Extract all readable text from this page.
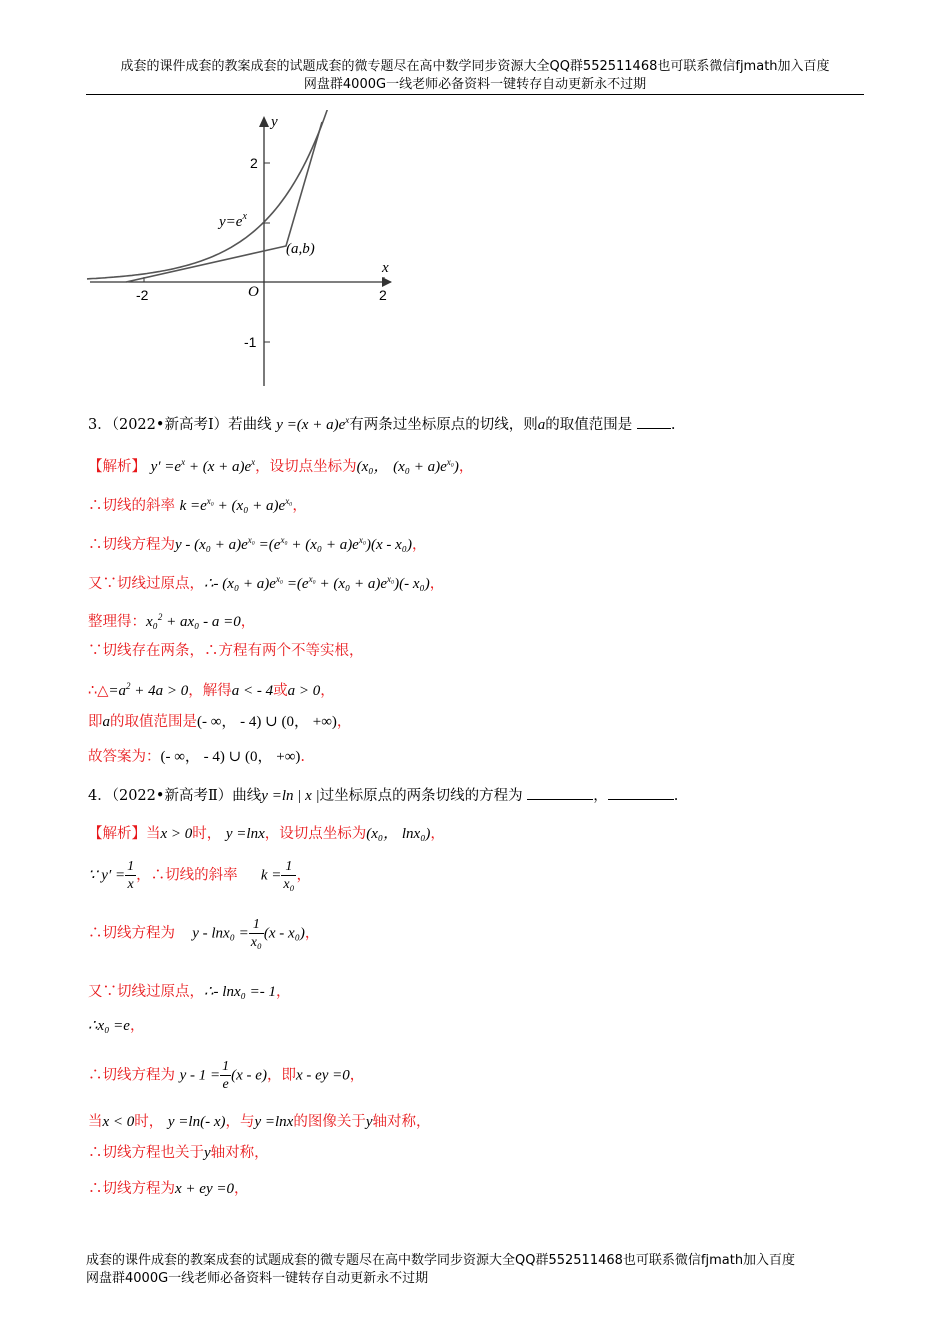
成套的课件成套的教案成套的试题成套的微专题尽在高中数学同步资源大全QQ群552511468也可联系微信fjmath加入百度
网盘群4000G一线老师必备资料一键转存自动更新永不过期
y
x
O
-2	2
2
-1
$y=e^x$
(a,b)
3．（2022•新高考Ⅰ）若曲线 $y =(x + a)e^x$有两条过坐标原点的切线，则a的取值范围是	.
【解析】 $y' =e^x + (x + a)e^x$，设切点坐标为(x₀， $(x_0 + a)e^{x_0}$)，
∴切线的斜率 $k =e^{x_0} + (x_0 + a)e^{x_0}$，
∴切线方程为$y - (x_0 + a)e^{x_0} =(e^{x_0} + (x_0 + a)e^{x_0})(x - x_0)$，
又∵切线过原点，∴- $(x_0 + a)e^{x_0} =(e^{x_0} + (x_0 + a)e^{x_0})(-$ x₀)，
整理得：x₀$^2$ + ax₀ - a =0，
∵切线存在两条，∴方程有两个不等实根，
$\therefore\triangle=a^2 + 4a > 0$，解得a < - 4或a > 0，
即a的取值范围是(- ∞， - 4) ∪ (0， +∞)，
故答案为：(- ∞， - 4) ∪ (0， +∞).
4．（2022•新高考Ⅱ）曲线y =ln | x |过坐标原点的两条切线的方程为	，	.
【解析】当x > 0时， y =lnx，设切点坐标为(x₀， lnx₀)，
∵ $y' = \frac{1}{x}$ ，∴切线的斜率 $k = \frac{1}{\text{x₀}}$ ，
∴切线方程为 $y - \ln x_0 = \frac{1}{\text{x₀}} (x - x_0)$，
又∵切线过原点，∴- lnx₀ =- 1，
∴x₀ =e，
∴切线方程为 $y - 1 = \frac{1}{e} (x - e)$，即x - ey =0，
当x < 0时， y =ln(- x)，与y =lnx的图像关于y轴对称，
∴切线方程也关于y轴对称，
∴切线方程为x + ey =0，
成套的课件成套的教案成套的试题成套的微专题尽在高中数学同步资源大全QQ群552511468也可联系微信fjmath加入百度
网盘群4000G一线老师必备资料一键转存自动更新永不过期
